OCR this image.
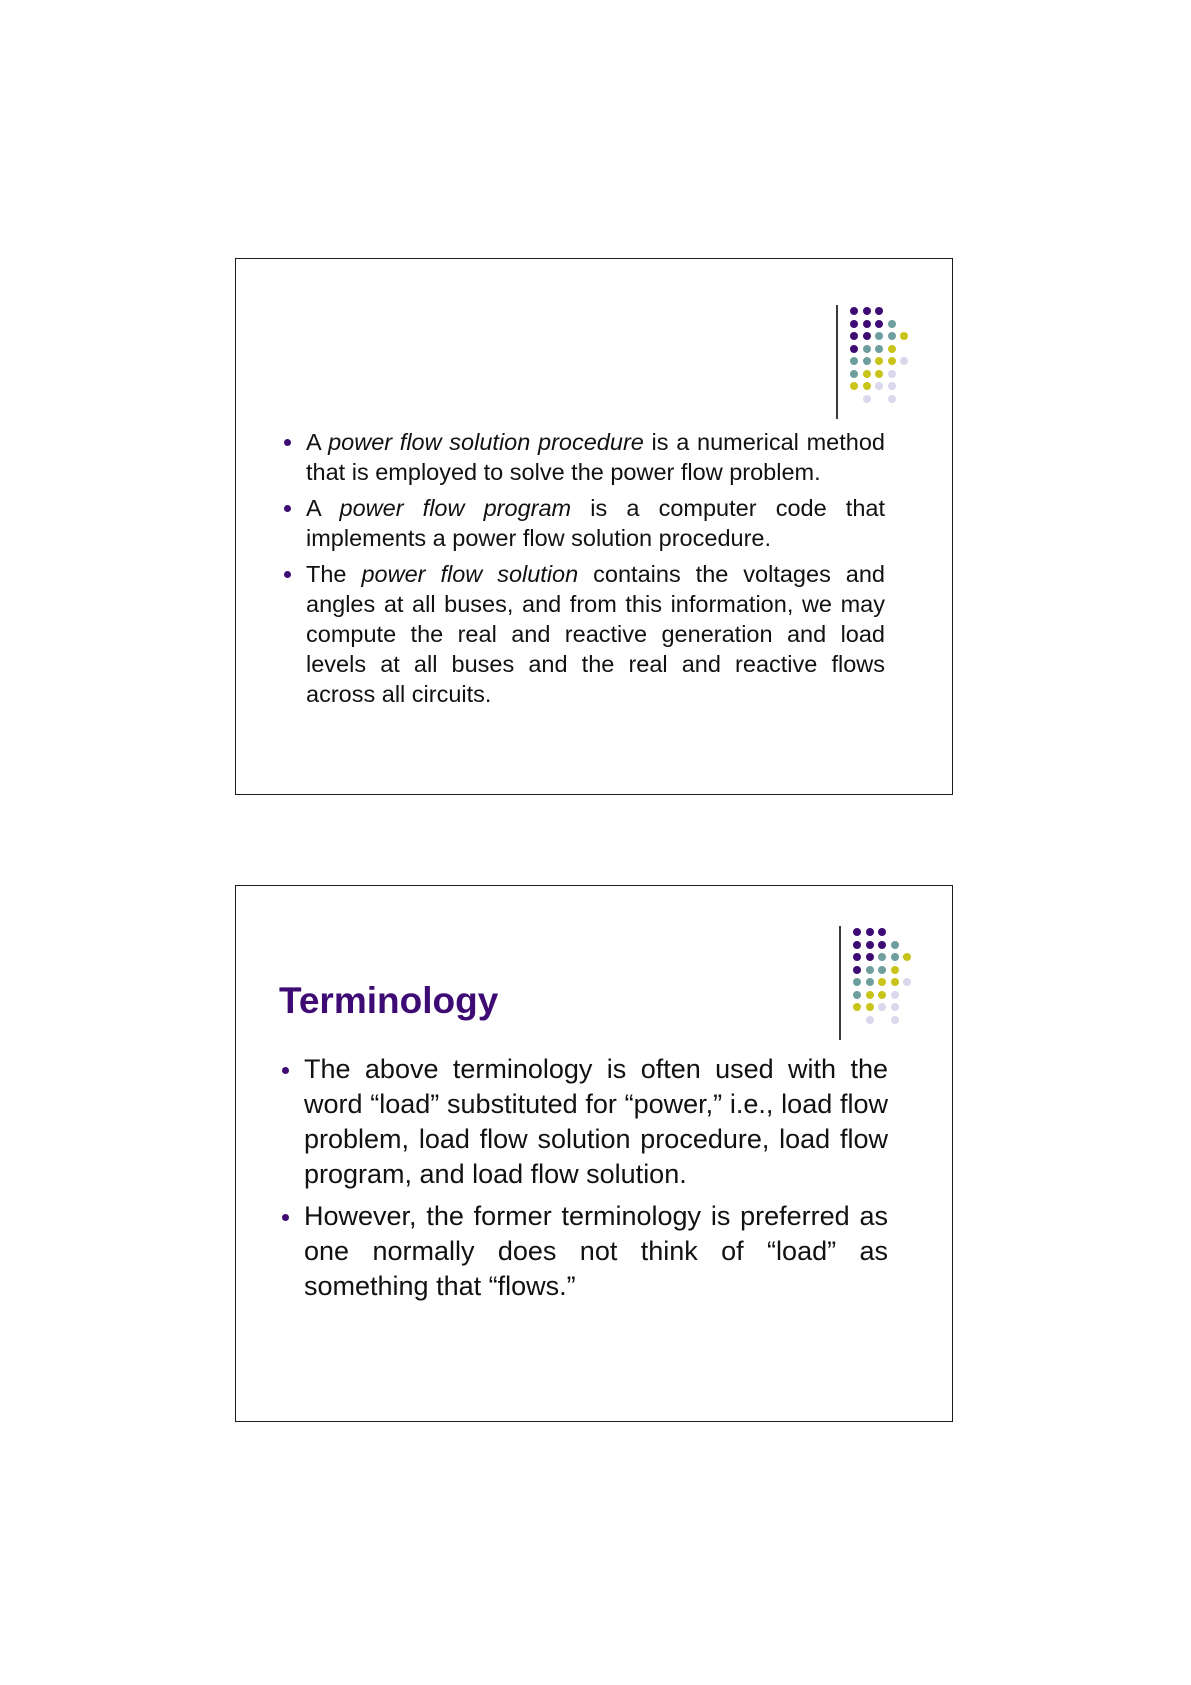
A power flow solution procedure is a numerical method that is employed to solve the power flow problem.
A power flow program is a computer code that implements a power flow solution procedure.
The power flow solution contains the voltages and angles at all buses, and from this information, we may compute the real and reactive generation and load levels at all buses and the real and reactive flows across all circuits.
Terminology
The above terminology is often used with the word “load” substituted for “power,” i.e., load flow problem, load flow solution procedure, load flow program, and load flow solution.
However, the former terminology is preferred as one normally does not think of “load” as something that “flows.”
